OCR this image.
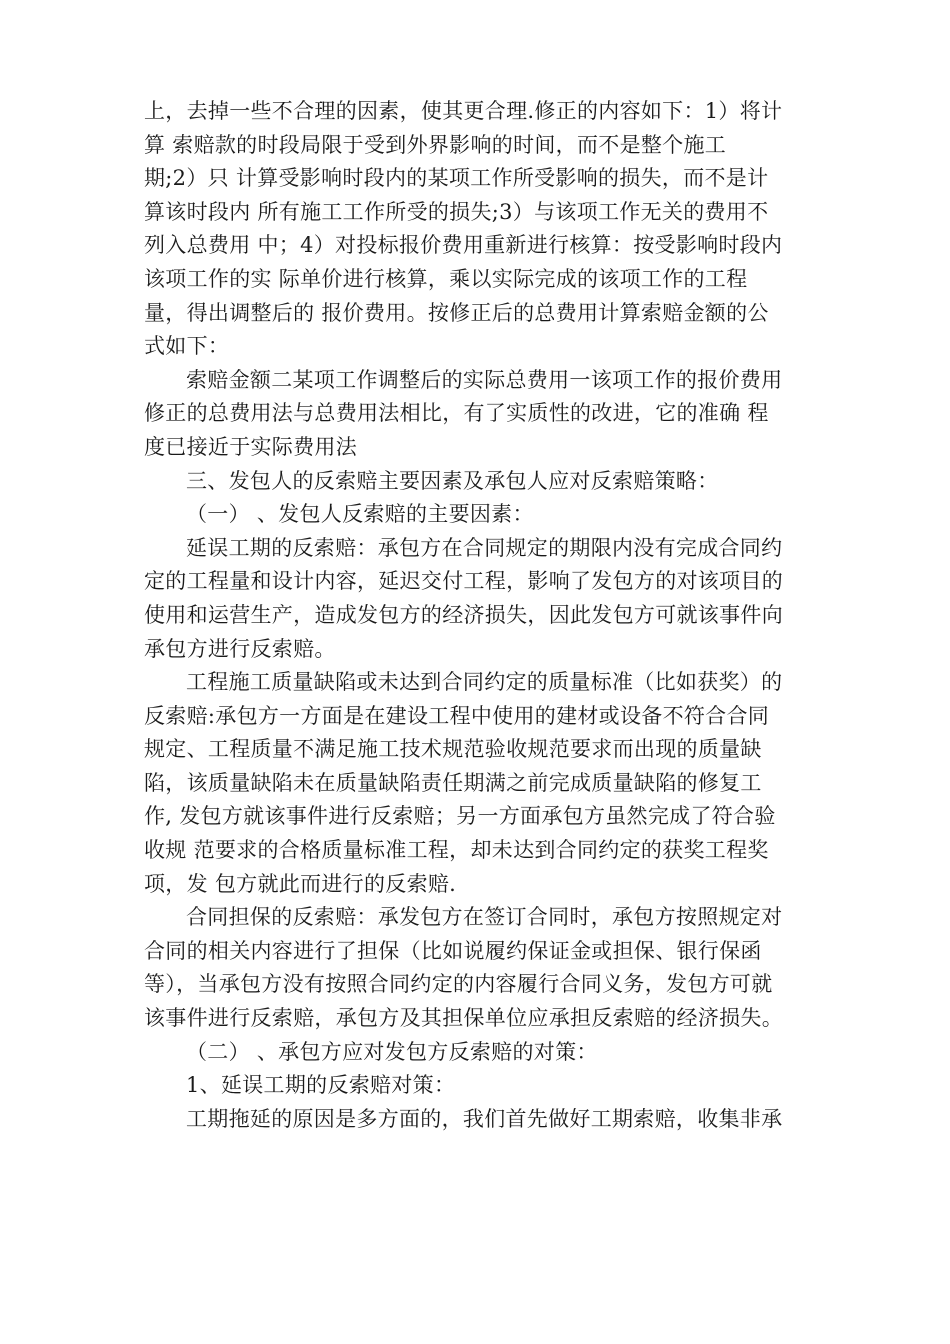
上，去掉一些不合理的因素，使其更合理.修正的内容如下：1）将计
算 索赔款的时段局限于受到外界影响的时间，而不是整个施工
期;2）只 计算受影响时段内的某项工作所受影响的损失，而不是计
算该时段内 所有施工工作所受的损失;3）与该项工作无关的费用不
列入总费用 中；4）对投标报价费用重新进行核算：按受影响时段内
该项工作的实 际单价进行核算，乘以实际完成的该项工作的工程
量，得出调整后的 报价费用。按修正后的总费用计算索赔金额的公
式如下：
索赔金额二某项工作调整后的实际总费用一该项工作的报价费用
修正的总费用法与总费用法相比，有了实质性的改进，它的准确 程
度已接近于实际费用法
三、发包人的反索赔主要因素及承包人应对反索赔策略：
（一） 、发包人反索赔的主要因素：
延误工期的反索赔：承包方在合同规定的期限内没有完成合同约
定的工程量和设计内容，延迟交付工程，影响了发包方的对该项目的
使用和运营生产，造成发包方的经济损失，因此发包方可就该事件向
承包方进行反索赔。
工程施工质量缺陷或未达到合同约定的质量标准（比如获奖）的
反索赔:承包方一方面是在建设工程中使用的建材或设备不符合合同
规定、工程质量不满足施工技术规范验收规范要求而出现的质量缺
陷，该质量缺陷未在质量缺陷责任期满之前完成质量缺陷的修复工
作, 发包方就该事件进行反索赔；另一方面承包方虽然完成了符合验
收规 范要求的合格质量标准工程，却未达到合同约定的获奖工程奖
项，发 包方就此而进行的反索赔.
合同担保的反索赔：承发包方在签订合同时，承包方按照规定对
合同的相关内容进行了担保（比如说履约保证金或担保、银行保函
等），当承包方没有按照合同约定的内容履行合同义务，发包方可就
该事件进行反索赔，承包方及其担保单位应承担反索赔的经济损失。
（二） 、承包方应对发包方反索赔的对策：
1、延误工期的反索赔对策：
工期拖延的原因是多方面的，我们首先做好工期索赔，收集非承
